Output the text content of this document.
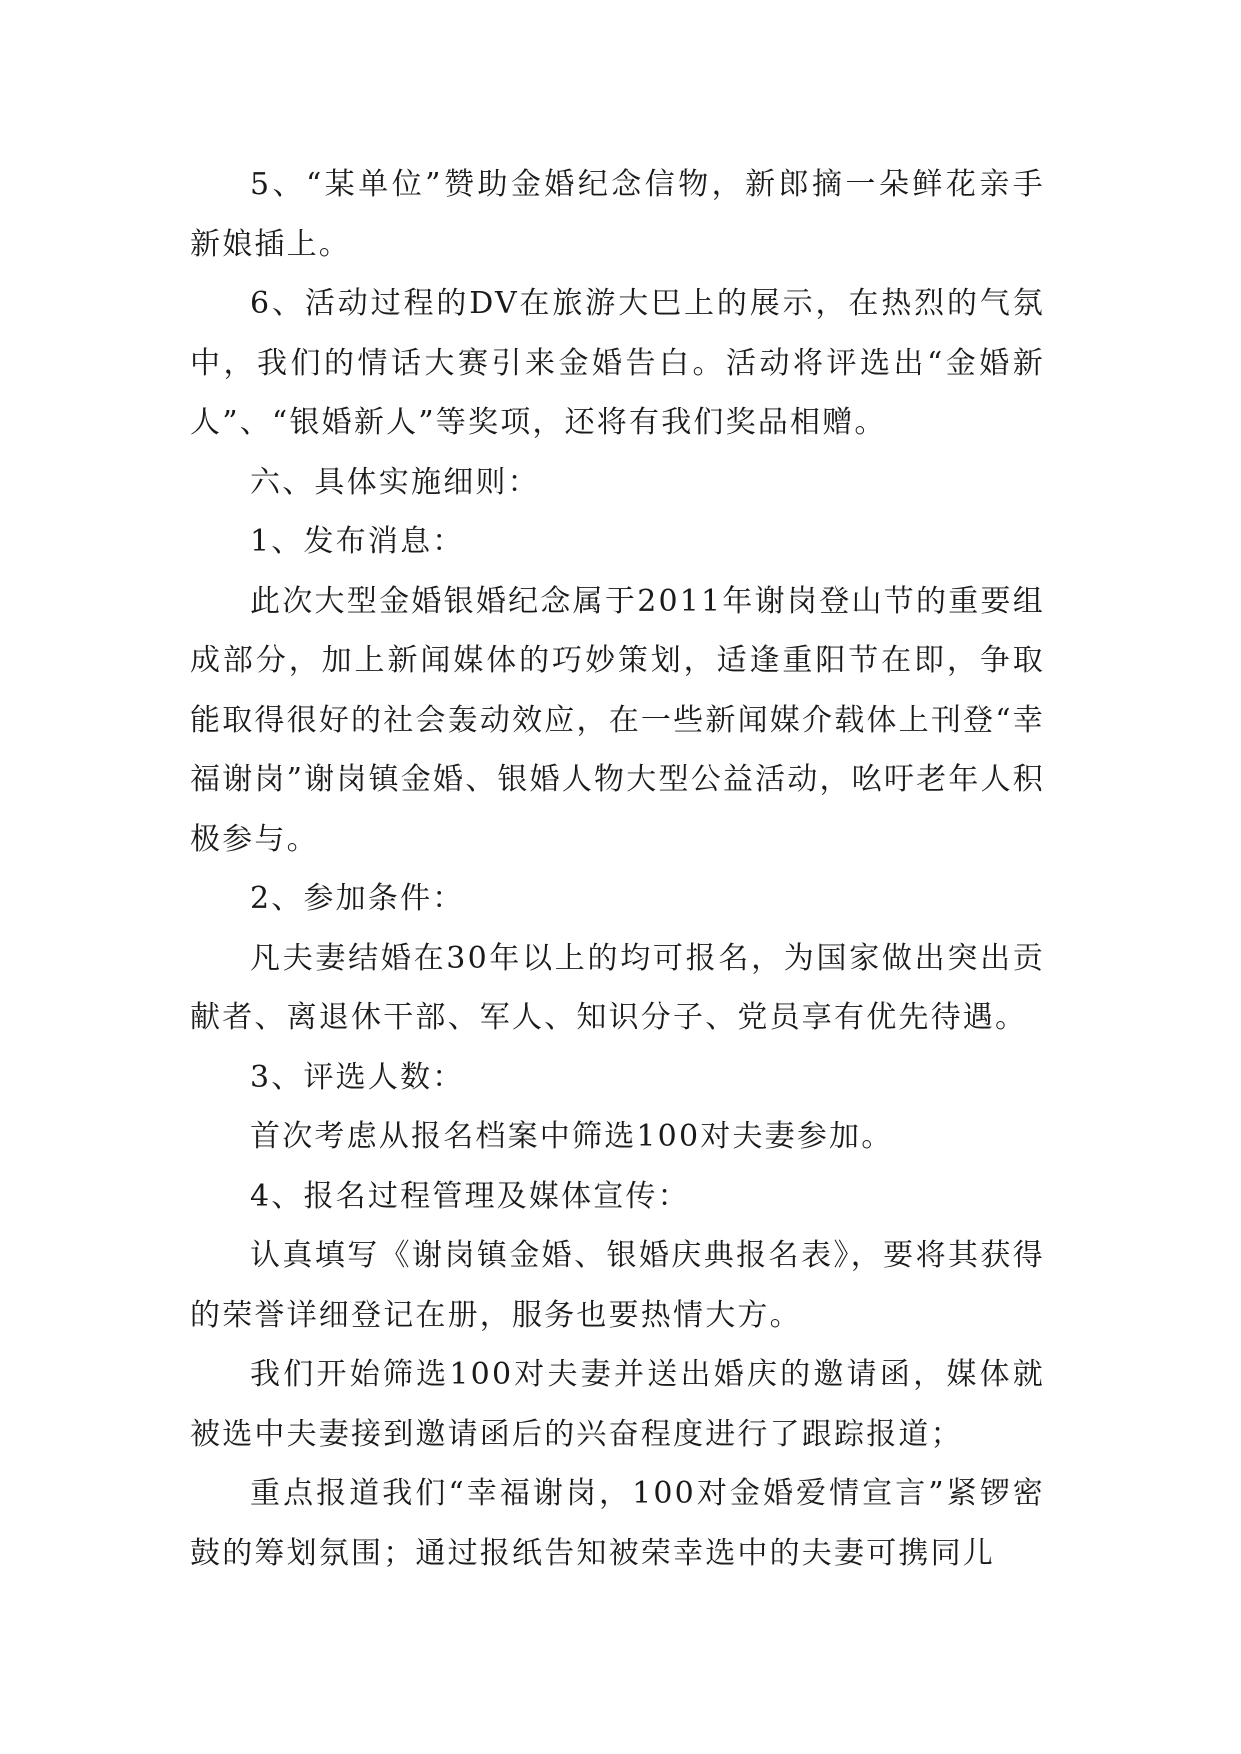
5、“某单位”赞助金婚纪念信物，新郎摘一朵鲜花亲手新娘插上。

6、活动过程的DV在旅游大巴上的展示，在热烈的气氛中，我们的情话大赛引来金婚告白。活动将评选出“金婚新人”、“银婚新人”等奖项，还将有我们奖品相赠。

六、具体实施细则：

1、发布消息：

此次大型金婚银婚纪念属于2011年谢岗登山节的重要组成部分，加上新闻媒体的巧妙策划，适逢重阳节在即，争取能取得很好的社会轰动效应，在一些新闻媒介载体上刊登“幸福谢岗”谢岗镇金婚、银婚人物大型公益活动，吆吁老年人积极参与。

2、参加条件：

凡夫妻结婚在30年以上的均可报名，为国家做出突出贡献者、离退休干部、军人、知识分子、党员享有优先待遇。

3、评选人数：

首次考虑从报名档案中筛选100对夫妻参加。

4、报名过程管理及媒体宣传：

认真填写《谢岗镇金婚、银婚庆典报名表》，要将其获得的荣誉详细登记在册，服务也要热情大方。

我们开始筛选100对夫妻并送出婚庆的邀请函，媒体就被选中夫妻接到邀请函后的兴奋程度进行了跟踪报道；

重点报道我们“幸福谢岗，100对金婚爱情宣言”紧锣密鼓的筹划氛围；通过报纸告知被荣幸选中的夫妻可携同儿
